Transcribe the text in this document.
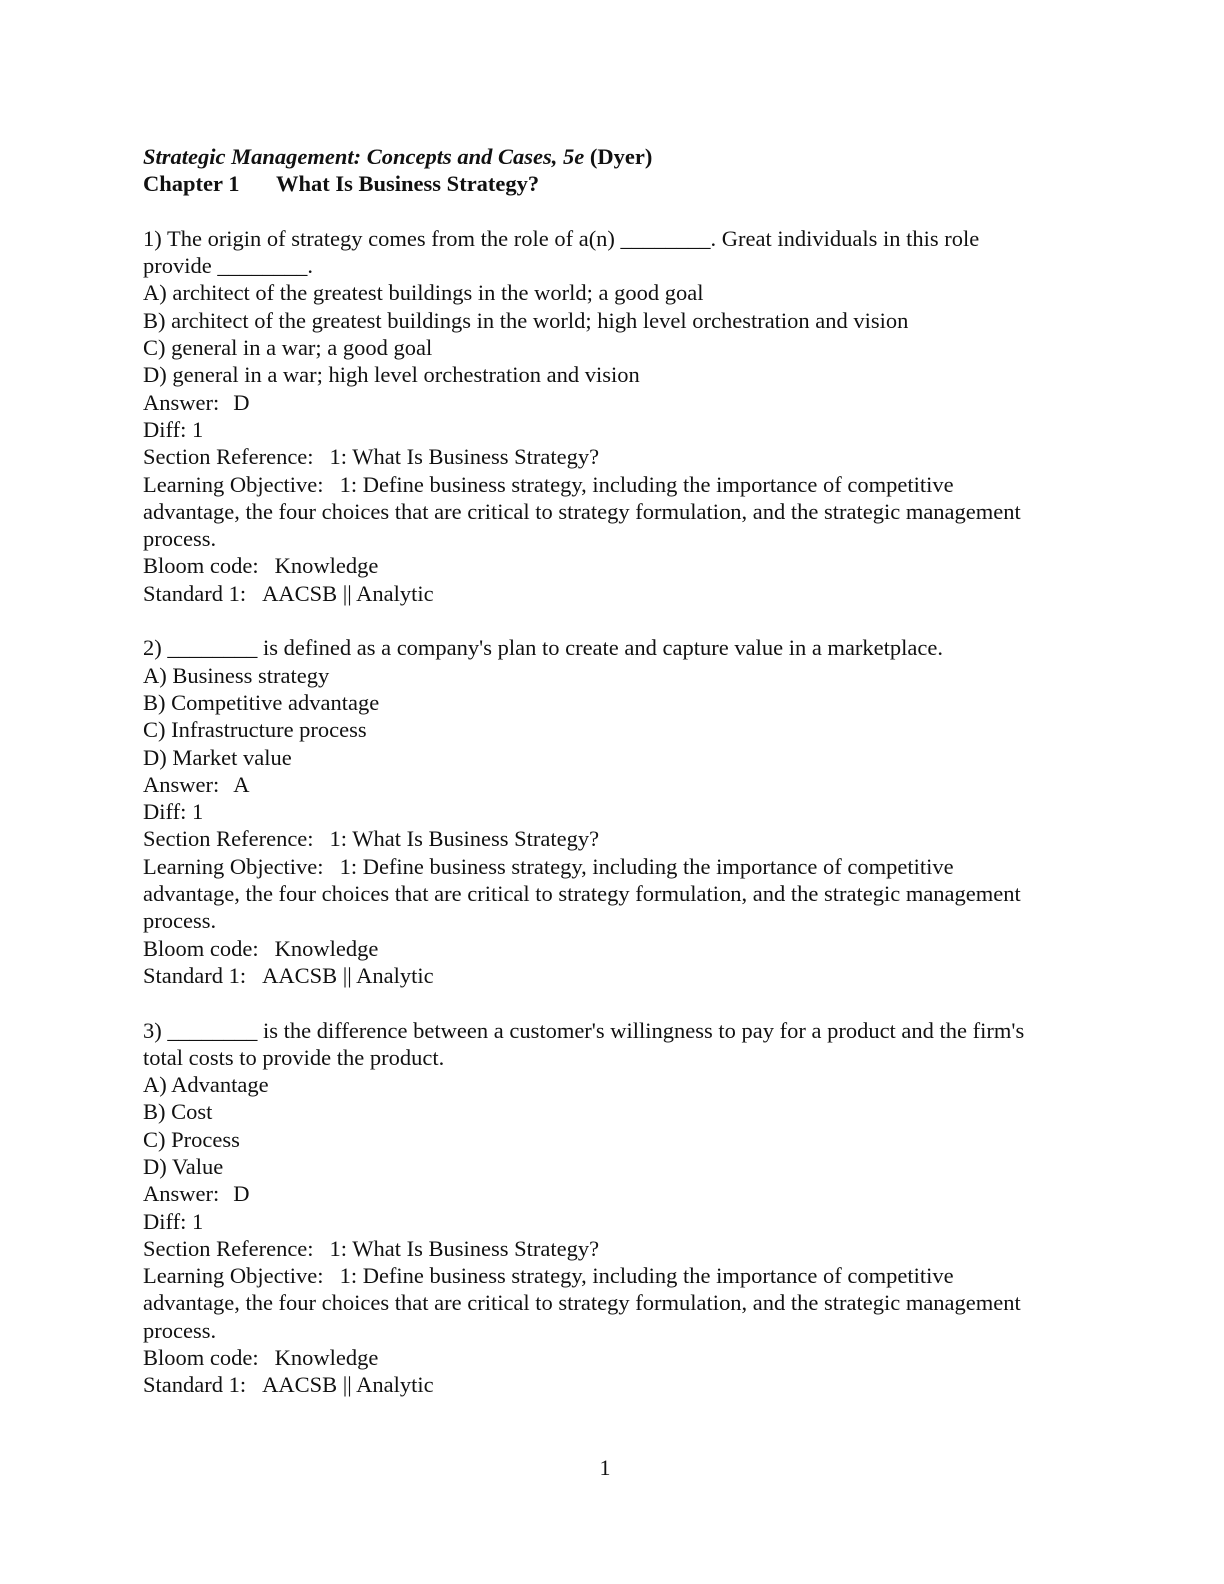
Strategic Management: Concepts and Cases, 5e (Dyer)
Chapter 1 What Is Business Strategy?
1) The origin of strategy comes from the role of a(n) ________. Great individuals in this role provide ________.
A) architect of the greatest buildings in the world; a good goal
B) architect of the greatest buildings in the world; high level orchestration and vision
C) general in a war; a good goal
D) general in a war; high level orchestration and vision
Answer: D
Diff: 1
Section Reference: 1: What Is Business Strategy?
Learning Objective: 1: Define business strategy, including the importance of competitive advantage, the four choices that are critical to strategy formulation, and the strategic management process.
Bloom code: Knowledge
Standard 1: AACSB || Analytic
2) ________ is defined as a company's plan to create and capture value in a marketplace.
A) Business strategy
B) Competitive advantage
C) Infrastructure process
D) Market value
Answer: A
Diff: 1
Section Reference: 1: What Is Business Strategy?
Learning Objective: 1: Define business strategy, including the importance of competitive advantage, the four choices that are critical to strategy formulation, and the strategic management process.
Bloom code: Knowledge
Standard 1: AACSB || Analytic
3) ________ is the difference between a customer's willingness to pay for a product and the firm's total costs to provide the product.
A) Advantage
B) Cost
C) Process
D) Value
Answer: D
Diff: 1
Section Reference: 1: What Is Business Strategy?
Learning Objective: 1: Define business strategy, including the importance of competitive advantage, the four choices that are critical to strategy formulation, and the strategic management process.
Bloom code: Knowledge
Standard 1: AACSB || Analytic
1
